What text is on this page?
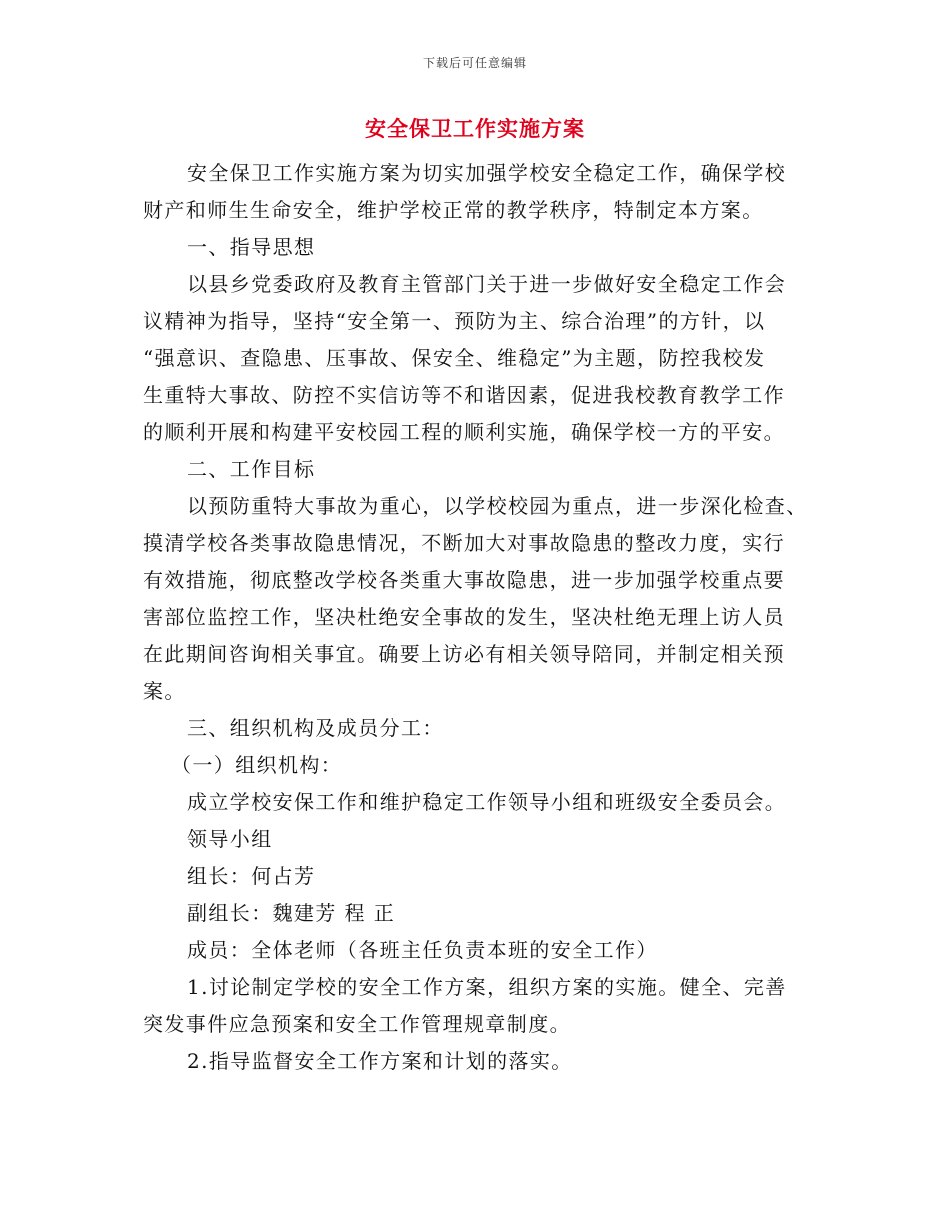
下载后可任意编辑
安全保卫工作实施方案
安全保卫工作实施方案为切实加强学校安全稳定工作，确保学校
财产和师生生命安全，维护学校正常的教学秩序，特制定本方案。
一、指导思想
以县乡党委政府及教育主管部门关于进一步做好安全稳定工作会
议精神为指导，坚持“安全第一、预防为主、综合治理”的方针，以
“强意识、查隐患、压事故、保安全、维稳定”为主题，防控我校发
生重特大事故、防控不实信访等不和谐因素，促进我校教育教学工作
的顺利开展和构建平安校园工程的顺利实施，确保学校一方的平安。
二、工作目标
以预防重特大事故为重心，以学校校园为重点，进一步深化检查、
摸清学校各类事故隐患情况，不断加大对事故隐患的整改力度，实行
有效措施，彻底整改学校各类重大事故隐患，进一步加强学校重点要
害部位监控工作，坚决杜绝安全事故的发生，坚决杜绝无理上访人员
在此期间咨询相关事宜。确要上访必有相关领导陪同，并制定相关预
案。
三、组织机构及成员分工：
（一）组织机构：
成立学校安保工作和维护稳定工作领导小组和班级安全委员会。
领导小组
组长：何占芳
副组长：魏建芳 程 正
成员：全体老师（各班主任负责本班的安全工作）
1.讨论制定学校的安全工作方案，组织方案的实施。健全、完善
突发事件应急预案和安全工作管理规章制度。
2.指导监督安全工作方案和计划的落实。
